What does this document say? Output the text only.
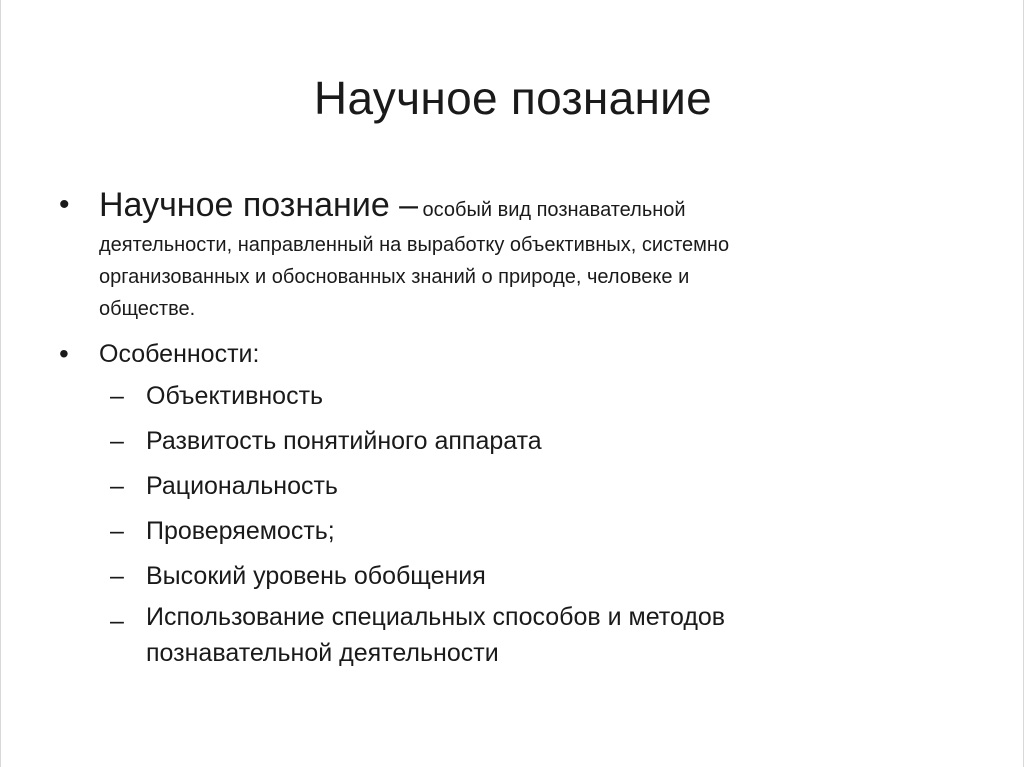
Научное познание
• Научное познание – особый вид познавательной
деятельности, направленный на выработку объективных, системно
организованных и обоснованных знаний о природе, человеке и
обществе.
• Особенности:
– Объективность
– Развитость понятийного аппарата
– Рациональность
– Проверяемость;
– Высокий уровень обобщения
– Использование специальных способов и методов
познавательной деятельности
